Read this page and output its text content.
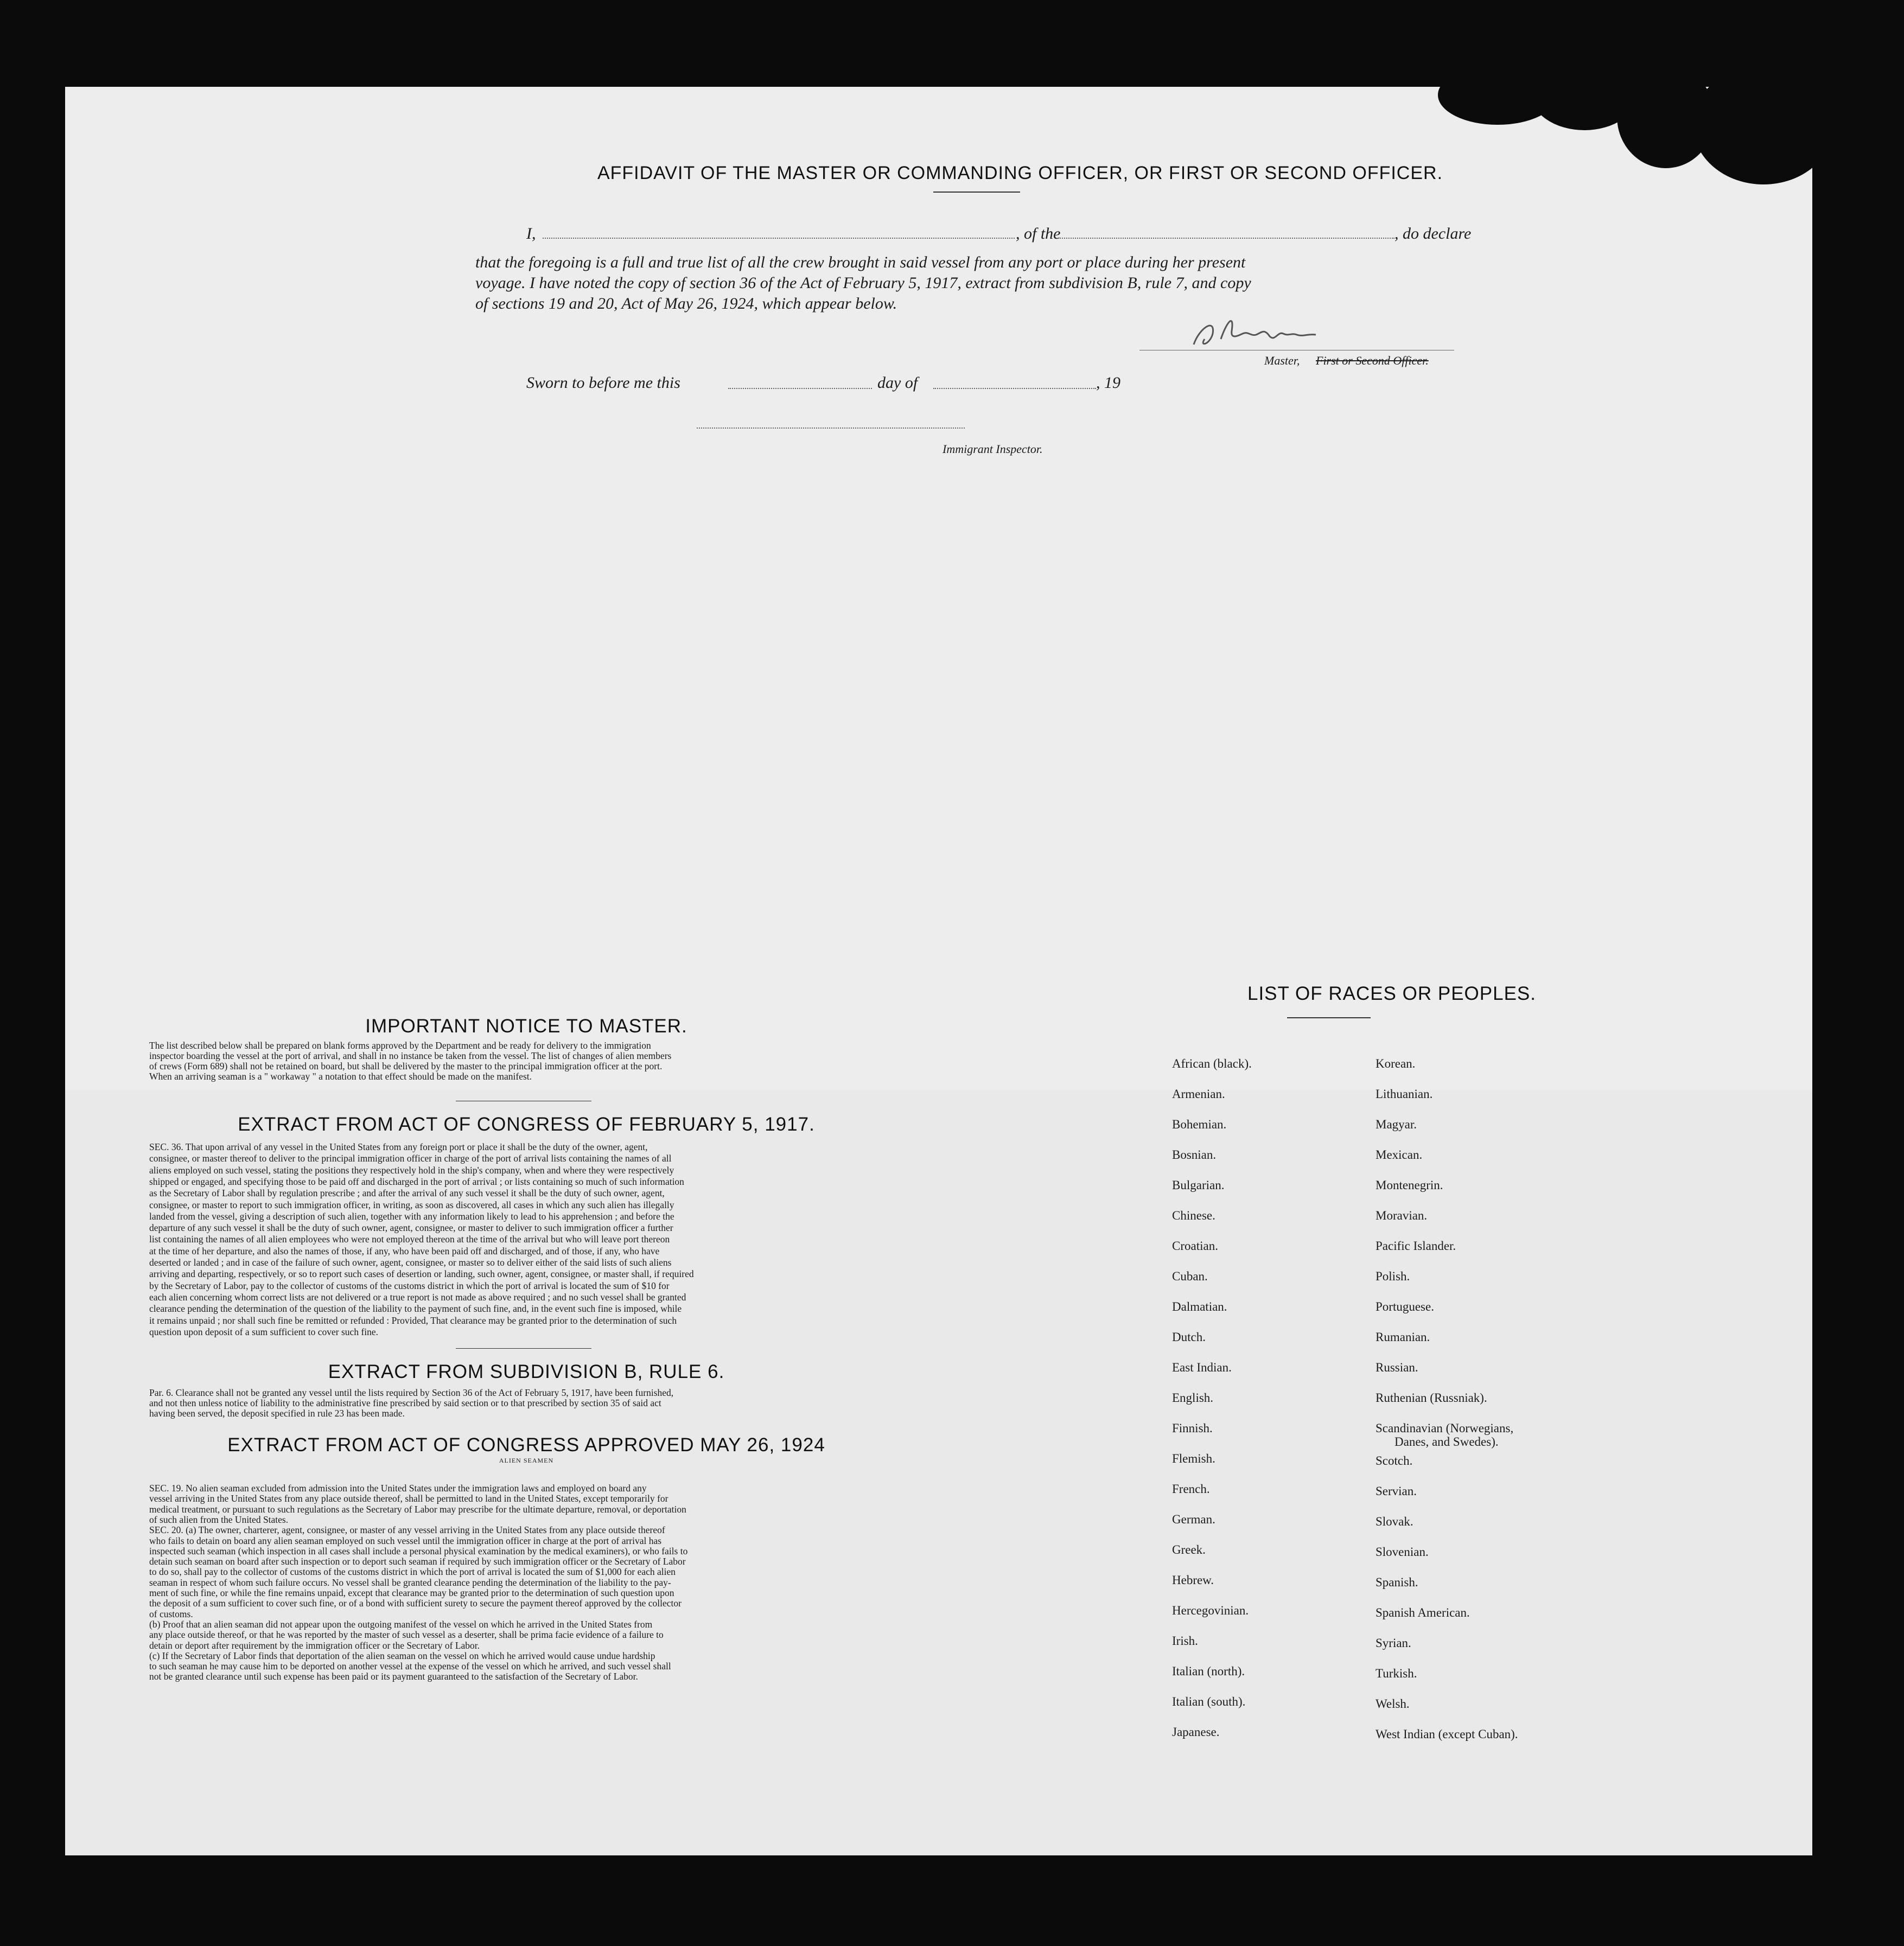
AFFIDAVIT OF THE MASTER OR COMMANDING OFFICER, OR FIRST OR SECOND OFFICER.
I,	, of the	, do declare
that the foregoing is a full and true list of all the crew brought in said vessel from any port or place during her present
voyage. I have noted the copy of section 36 of the Act of February 5, 1917, extract from subdivision B, rule 7, and copy
of sections 19 and 20, Act of May 26, 1924, which appear below.
Master, First or Second Officer.
Sworn to before me this	day of	, 19
Immigrant Inspector.
IMPORTANT NOTICE TO MASTER.
The list described below shall be prepared on blank forms approved by the Department and be ready for delivery to the immigration
inspector boarding the vessel at the port of arrival, and shall in no instance be taken from the vessel. The list of changes of alien members
of crews (Form 689) shall not be retained on board, but shall be delivered by the master to the principal immigration officer at the port.
When an arriving seaman is a " workaway " a notation to that effect should be made on the manifest.
EXTRACT FROM ACT OF CONGRESS OF FEBRUARY 5, 1917.
SEC. 36. That upon arrival of any vessel in the United States from any foreign port or place it shall be the duty of the owner, agent,
consignee, or master thereof to deliver to the principal immigration officer in charge of the port of arrival lists containing the names of all
aliens employed on such vessel, stating the positions they respectively hold in the ship's company, when and where they were respectively
shipped or engaged, and specifying those to be paid off and discharged in the port of arrival ; or lists containing so much of such information
as the Secretary of Labor shall by regulation prescribe ; and after the arrival of any such vessel it shall be the duty of such owner, agent,
consignee, or master to report to such immigration officer, in writing, as soon as discovered, all cases in which any such alien has illegally
landed from the vessel, giving a description of such alien, together with any information likely to lead to his apprehension ; and before the
departure of any such vessel it shall be the duty of such owner, agent, consignee, or master to deliver to such immigration officer a further
list containing the names of all alien employees who were not employed thereon at the time of the arrival but who will leave port thereon
at the time of her departure, and also the names of those, if any, who have been paid off and discharged, and of those, if any, who have
deserted or landed ; and in case of the failure of such owner, agent, consignee, or master so to deliver either of the said lists of such aliens
arriving and departing, respectively, or so to report such cases of desertion or landing, such owner, agent, consignee, or master shall, if required
by the Secretary of Labor, pay to the collector of customs of the customs district in which the port of arrival is located the sum of $10 for
each alien concerning whom correct lists are not delivered or a true report is not made as above required ; and no such vessel shall be granted
clearance pending the determination of the question of the liability to the payment of such fine, and, in the event such fine is imposed, while
it remains unpaid ; nor shall such fine be remitted or refunded : Provided, That clearance may be granted prior to the determination of such
question upon deposit of a sum sufficient to cover such fine.
EXTRACT FROM SUBDIVISION B, RULE 6.
Par. 6. Clearance shall not be granted any vessel until the lists required by Section 36 of the Act of February 5, 1917, have been furnished,
and not then unless notice of liability to the administrative fine prescribed by said section or to that prescribed by section 35 of said act
having been served, the deposit specified in rule 23 has been made.
EXTRACT FROM ACT OF CONGRESS APPROVED MAY 26, 1924
ALIEN SEAMEN
SEC. 19. No alien seaman excluded from admission into the United States under the immigration laws and employed on board any
vessel arriving in the United States from any place outside thereof, shall be permitted to land in the United States, except temporarily for
medical treatment, or pursuant to such regulations as the Secretary of Labor may prescribe for the ultimate departure, removal, or deportation
of such alien from the United States.
SEC. 20. (a) The owner, charterer, agent, consignee, or master of any vessel arriving in the United States from any place outside thereof
who fails to detain on board any alien seaman employed on such vessel until the immigration officer in charge at the port of arrival has
inspected such seaman (which inspection in all cases shall include a personal physical examination by the medical examiners), or who fails to
detain such seaman on board after such inspection or to deport such seaman if required by such immigration officer or the Secretary of Labor
to do so, shall pay to the collector of customs of the customs district in which the port of arrival is located the sum of $1,000 for each alien
seaman in respect of whom such failure occurs. No vessel shall be granted clearance pending the determination of the liability to the pay-
ment of such fine, or while the fine remains unpaid, except that clearance may be granted prior to the determination of such question upon
the deposit of a sum sufficient to cover such fine, or of a bond with sufficient surety to secure the payment thereof approved by the collector
of customs.
(b) Proof that an alien seaman did not appear upon the outgoing manifest of the vessel on which he arrived in the United States from
any place outside thereof, or that he was reported by the master of such vessel as a deserter, shall be prima facie evidence of a failure to
detain or deport after requirement by the immigration officer or the Secretary of Labor.
(c) If the Secretary of Labor finds that deportation of the alien seaman on the vessel on which he arrived would cause undue hardship
to such seaman he may cause him to be deported on another vessel at the expense of the vessel on which he arrived, and such vessel shall
not be granted clearance until such expense has been paid or its payment guaranteed to the satisfaction of the Secretary of Labor.
LIST OF RACES OR PEOPLES.
African (black).
Armenian.
Bohemian.
Bosnian.
Bulgarian.
Chinese.
Croatian.
Cuban.
Dalmatian.
Dutch.
East Indian.
English.
Finnish.
Flemish.
French.
German.
Greek.
Hebrew.
Hercegovinian.
Irish.
Italian (north).
Italian (south).
Japanese.
Korean.
Lithuanian.
Magyar.
Mexican.
Montenegrin.
Moravian.
Pacific Islander.
Polish.
Portuguese.
Rumanian.
Russian.
Ruthenian (Russniak).
Scandinavian (Norwegians,
Scotch.
Servian.
Slovak.
Slovenian.
Spanish.
Spanish American.
Syrian.
Turkish.
Welsh.
West Indian (except Cuban).
Danes, and Swedes).
